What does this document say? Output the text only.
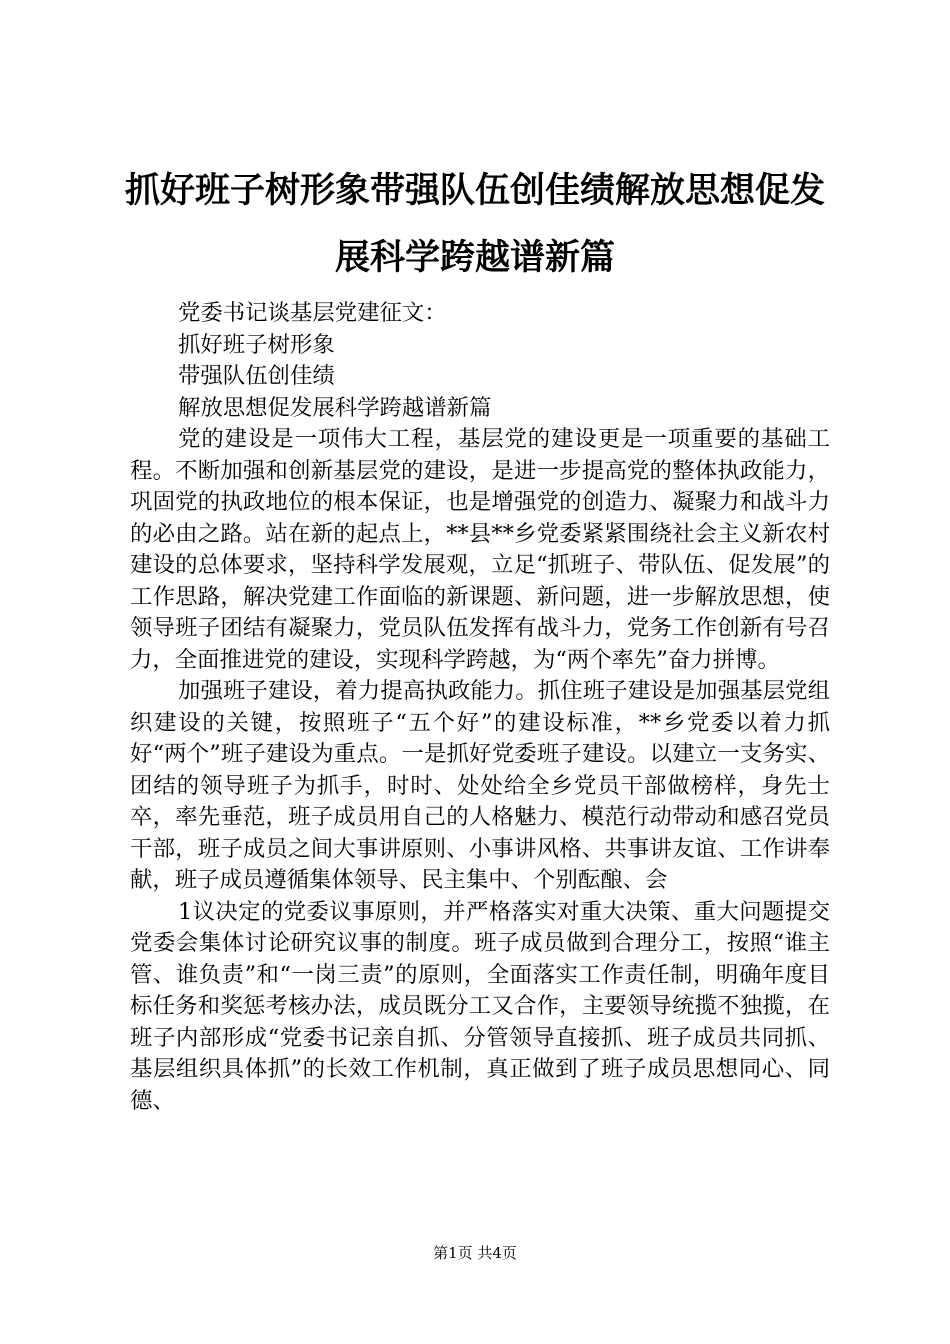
抓好班子树形象带强队伍创佳绩解放思想促发
展科学跨越谱新篇
党委书记谈基层党建征文：
抓好班子树形象
带强队伍创佳绩
解放思想促发展科学跨越谱新篇

党的建设是一项伟大工程，基层党的建设更是一项重要的基础工程。不断加强和创新基层党的建设，是进一步提高党的整体执政能力，巩固党的执政地位的根本保证，也是增强党的创造力、凝聚力和战斗力的必由之路。站在新的起点上，**县**乡党委紧紧围绕社会主义新农村建设的总体要求，坚持科学发展观，立足“抓班子、带队伍、促发展”的工作思路，解决党建工作面临的新课题、新问题，进一步解放思想，使领导班子团结有凝聚力，党员队伍发挥有战斗力，党务工作创新有号召力，全面推进党的建设，实现科学跨越，为“两个率先”奋力拼博。

加强班子建设，着力提高执政能力。抓住班子建设是加强基层党组织建设的关键，按照班子“五个好”的建设标准，**乡党委以着力抓好“两个”班子建设为重点。一是抓好党委班子建设。以建立一支务实、团结的领导班子为抓手，时时、处处给全乡党员干部做榜样，身先士卒，率先垂范，班子成员用自己的人格魅力、模范行动带动和感召党员干部，班子成员之间大事讲原则、小事讲风格、共事讲友谊、工作讲奉献，班子成员遵循集体领导、民主集中、个别酝酿、会

1议决定的党委议事原则，并严格落实对重大决策、重大问题提交党委会集体讨论研究议事的制度。班子成员做到合理分工，按照“谁主管、谁负责”和“一岗三责”的原则，全面落实工作责任制，明确年度目标任务和奖惩考核办法，成员既分工又合作，主要领导统揽不独揽，在班子内部形成“党委书记亲自抓、分管领导直接抓、班子成员共同抓、基层组织具体抓”的长效工作机制，真正做到了班子成员思想同心、同德、

第1页 共4页
